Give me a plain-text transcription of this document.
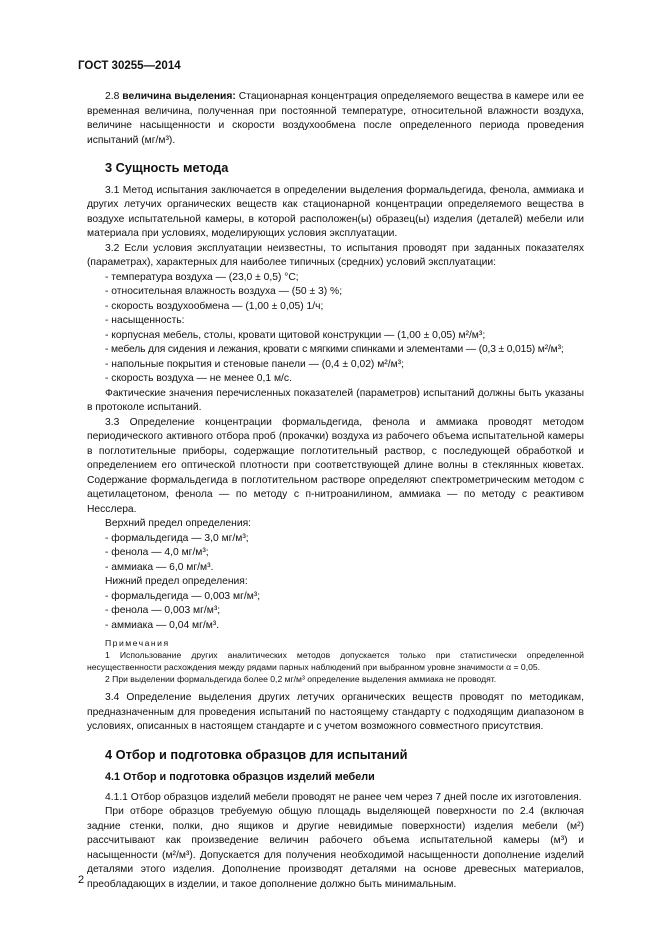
ГОСТ 30255—2014

2.8 величина выделения: Стационарная концентрация определяемого вещества в камере или ее временная величина, полученная при постоянной температуре, относительной влажности воздуха, величине насыщенности и скорости воздухообмена после определенного периода проведения испытаний (мг/м³).

3 Сущность метода

3.1 Метод испытания заключается в определении выделения формальдегида, фенола, аммиака и других летучих органических веществ как стационарной концентрации определяемого вещества в воздухе испытательной камеры, в которой расположен(ы) образец(ы) изделия (деталей) мебели или материала при условиях, моделирующих условия эксплуатации.

3.2 Если условия эксплуатации неизвестны, то испытания проводят при заданных показателях (параметрах), характерных для наиболее типичных (средних) условий эксплуатации:

- температура воздуха — (23,0 ± 0,5) °С;

- относительная влажность воздуха — (50 ± 3) %;

- скорость воздухообмена — (1,00 ± 0,05) 1/ч;

- насыщенность:

- корпусная мебель, столы, кровати щитовой конструкции — (1,00 ± 0,05) м²/м³;

- мебель для сидения и лежания, кровати с мягкими спинками и элементами — (0,3 ± 0,015) м²/м³;

- напольные покрытия и стеновые панели — (0,4 ± 0,02) м²/м³;

- скорость воздуха — не менее 0,1 м/с.

Фактические значения перечисленных показателей (параметров) испытаний должны быть указаны в протоколе испытаний.

3.3 Определение концентрации формальдегида, фенола и аммиака проводят методом периодического активного отбора проб (прокачки) воздуха из рабочего объема испытательной камеры в поглотительные приборы, содержащие поглотительный раствор, с последующей обработкой и определением его оптической плотности при соответствующей длине волны в стеклянных кюветах. Содержание формальдегида в поглотительном растворе определяют спектрометрическим методом с ацетилацетоном, фенола — по методу с п-нитроанилином, аммиака — по методу с реактивом Несслера.

Верхний предел определения:

- формальдегида — 3,0 мг/м³;

- фенола — 4,0 мг/м³;

- аммиака — 6,0 мг/м³.

Нижний предел определения:

- формальдегида — 0,003 мг/м³;

- фенола — 0,003 мг/м³;

- аммиака — 0,04 мг/м³.

Примечания

1 Использование других аналитических методов допускается только при статистически определенной несущественности расхождения между рядами парных наблюдений при выбранном уровне значимости α = 0,05.

2 При выделении формальдегида более 0,2 мг/м³ определение выделения аммиака не проводят.

3.4 Определение выделения других летучих органических веществ проводят по методикам, предназначенным для проведения испытаний по настоящему стандарту с подходящим диапазоном в условиях, описанных в настоящем стандарте и с учетом возможного совместного присутствия.

4 Отбор и подготовка образцов для испытаний

4.1 Отбор и подготовка образцов изделий мебели

4.1.1 Отбор образцов изделий мебели проводят не ранее чем через 7 дней после их изготовления.

При отборе образцов требуемую общую площадь выделяющей поверхности по 2.4 (включая задние стенки, полки, дно ящиков и другие невидимые поверхности) изделия мебели (м²) рассчитывают как произведение величин рабочего объема испытательной камеры (м³) и насыщенности (м²/м³). Допускается для получения необходимой насыщенности дополнение изделий деталями этого изделия. Дополнение производят деталями на основе древесных материалов, преобладающих в изделии, и такое дополнение должно быть минимальным.

2
